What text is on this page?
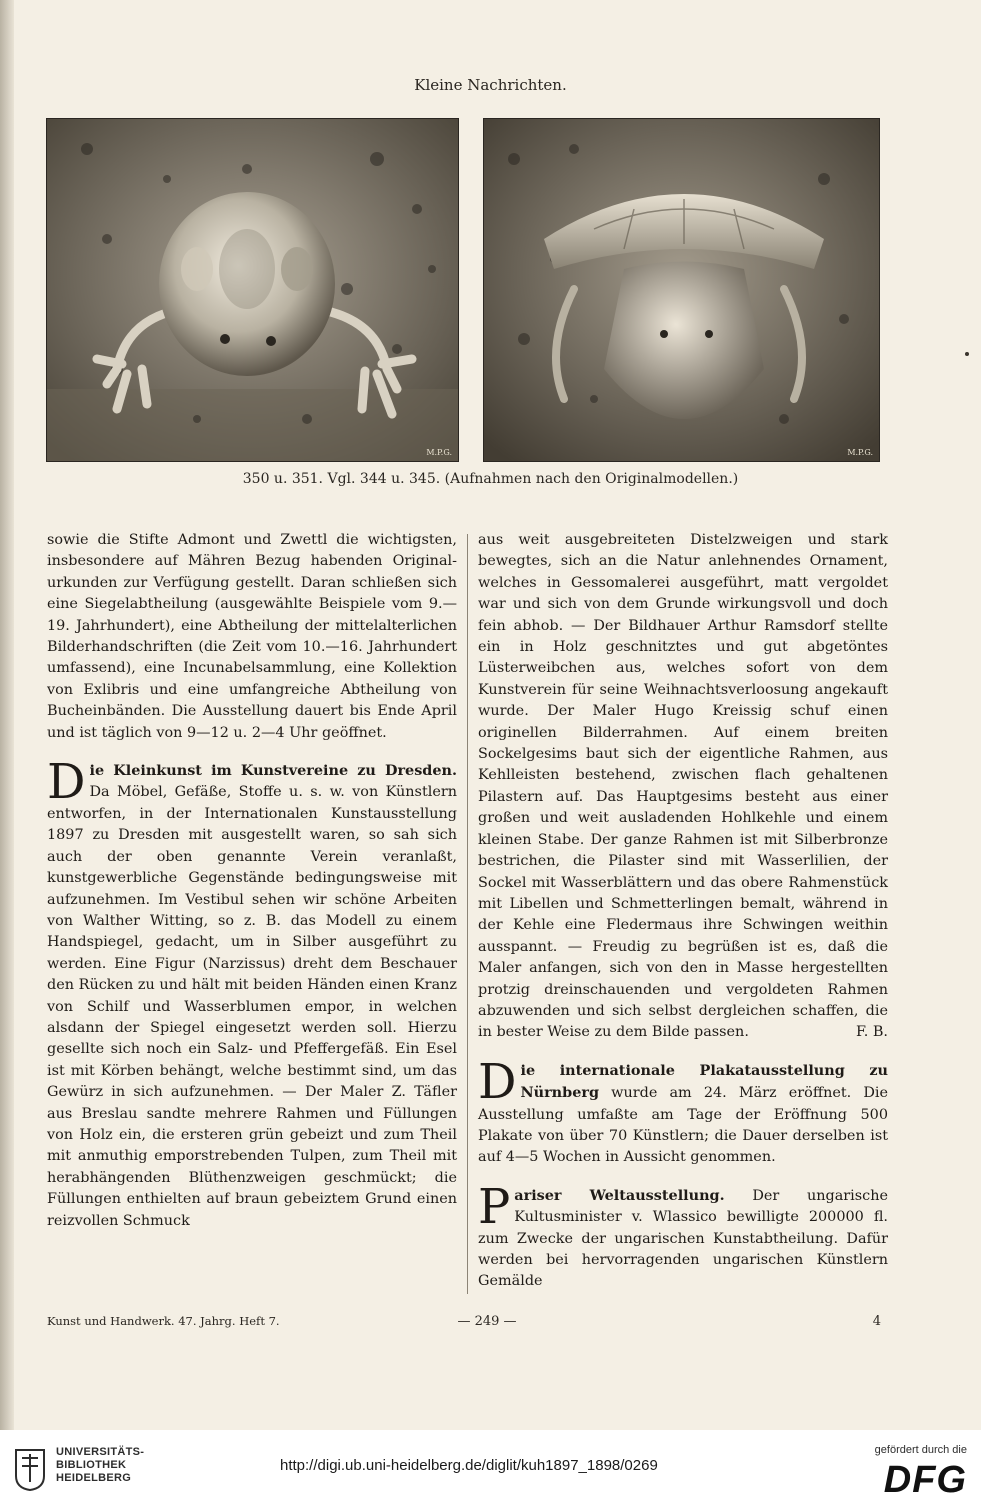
Kleine Nachrichten.
M.P.G.	M.P.G.
350 u. 351. Vgl. 344 u. 345. (Aufnahmen nach den Originalmodellen.)

sowie die Stifte Admont und Zwettl die wichtigsten, insbesondere auf Mähren Bezug habenden Original-urkunden zur Verfügung gestellt. Daran schließen sich eine Siegelabtheilung (ausgewählte Beispiele vom 9.—19. Jahrhundert), eine Abtheilung der mittelalterlichen Bilderhandschriften (die Zeit vom 10.—16. Jahrhundert umfassend), eine Incunabelsammlung, eine Kollektion von Exlibris und eine umfangreiche Abtheilung von Bucheinbänden. Die Ausstellung dauert bis Ende April und ist täglich von 9—12 u. 2—4 Uhr geöffnet.

D ie Kleinkunst im Kunstvereine zu Dresden. Da Möbel, Gefäße, Stoffe u. s. w. von Künstlern entworfen, in der Internationalen Kunstausstellung 1897 zu Dresden mit ausgestellt waren, so sah sich auch der oben genannte Verein veranlaßt, kunstgewerbliche Gegenstände bedingungsweise mit aufzunehmen. Im Vestibul sehen wir schöne Arbeiten von Walther Witting, so z. B. das Modell zu einem Handspiegel, gedacht, um in Silber ausgeführt zu werden. Eine Figur (Narzissus) dreht dem Beschauer den Rücken zu und hält mit beiden Händen einen Kranz von Schilf und Wasserblumen empor, in welchen alsdann der Spiegel eingesetzt werden soll. Hierzu gesellte sich noch ein Salz- und Pfeffergefäß. Ein Esel ist mit Körben behängt, welche bestimmt sind, um das Gewürz in sich aufzunehmen. — Der Maler Z. Täfler aus Breslau sandte mehrere Rahmen und Füllungen von Holz ein, die ersteren grün gebeizt und zum Theil mit anmuthig emporstrebenden Tulpen, zum Theil mit herabhängenden Blüthenzweigen geschmückt; die Füllungen enthielten auf braun gebeiztem Grund einen reizvollen Schmuck

aus weit ausgebreiteten Distelzweigen und stark bewegtes, sich an die Natur anlehnendes Ornament, welches in Gessomalerei ausgeführt, matt vergoldet war und sich von dem Grunde wirkungsvoll und doch fein abhob. — Der Bildhauer Arthur Ramsdorf stellte ein in Holz geschnitztes und gut abgetöntes Lüsterweibchen aus, welches sofort von dem Kunstverein für seine Weihnachtsverloosung angekauft wurde. Der Maler Hugo Kreissig schuf einen originellen Bilderrahmen. Auf einem breiten Sockelgesims baut sich der eigentliche Rahmen, aus Kehlleisten bestehend, zwischen flach gehaltenen Pilastern auf. Das Hauptgesims besteht aus einer großen und weit ausladenden Hohlkehle und einem kleinen Stabe. Der ganze Rahmen ist mit Silberbronze bestrichen, die Pilaster sind mit Wasserlilien, der Sockel mit Wasserblättern und das obere Rahmenstück mit Libellen und Schmetterlingen bemalt, während in der Kehle eine Fledermaus ihre Schwingen weithin ausspannt. — Freudig zu begrüßen ist es, daß die Maler anfangen, sich von den in Masse hergestellten protzig dreinschauenden und vergoldeten Rahmen abzuwenden und sich selbst dergleichen schaffen, die in bester Weise zu dem Bilde passen.	F. B.

D ie internationale Plakatausstellung zu Nürnberg wurde am 24. März eröffnet. Die Ausstellung umfaßte am Tage der Eröffnung 500 Plakate von über 70 Künstlern; die Dauer derselben ist auf 4—5 Wochen in Aussicht genommen.

P ariser Weltausstellung. Der ungarische Kultusminister v. Wlassico bewilligte 200000 fl. zum Zwecke der ungarischen Kunstabtheilung. Dafür werden bei hervorragenden ungarischen Künstlern Gemälde

Kunst und Handwerk. 47. Jahrg. Heft 7.	— 249 —	4
UNIVERSITÄTS-
BIBLIOTHEK
HEIDELBERG
http://digi.ub.uni-heidelberg.de/diglit/kuh1897_1898/0269
gefördert durch die
DFG
